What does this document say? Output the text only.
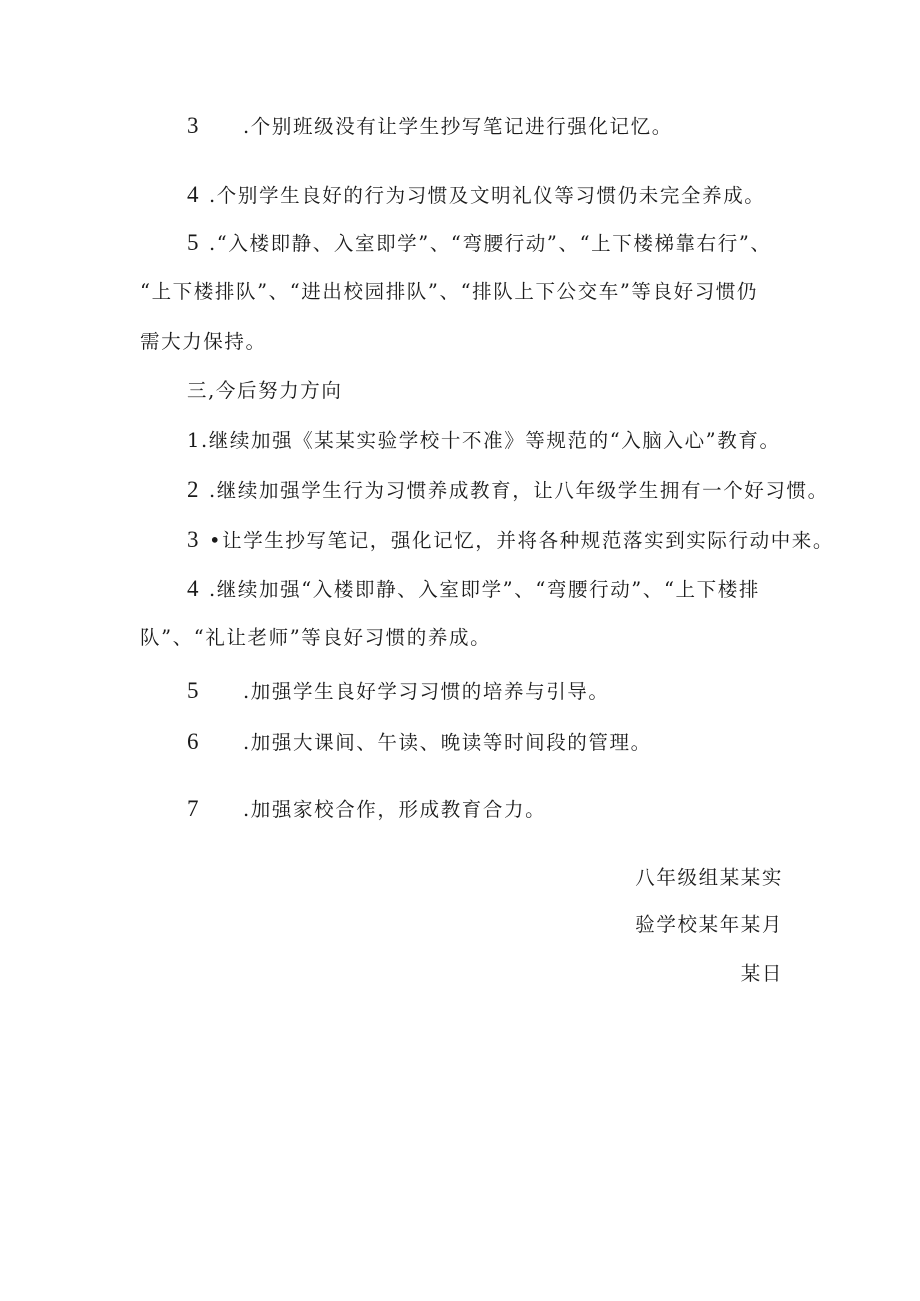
3 .个别班级没有让学生抄写笔记进行强化记忆。
4 .个别学生良好的行为习惯及文明礼仪等习惯仍未完全养成。
5 .“入楼即静、入室即学”、“弯腰行动”、“上下楼梯靠右行”、
“上下楼排队”、“进出校园排队”、“排队上下公交车”等良好习惯仍
需大力保持。
三,今后努力方向
1.继续加强《某某实验学校十不准》等规范的“入脑入心”教育。
2 .继续加强学生行为习惯养成教育，让八年级学生拥有一个好习惯。
3 •让学生抄写笔记，强化记忆，并将各种规范落实到实际行动中来。
4 .继续加强“入楼即静、入室即学”、“弯腰行动”、“上下楼排
队”、“礼让老师”等良好习惯的养成。
5 .加强学生良好学习习惯的培养与引导。
6 .加强大课间、午读、晚读等时间段的管理。
7 .加强家校合作，形成教育合力。
八年级组某某实
验学校某年某月
某日
